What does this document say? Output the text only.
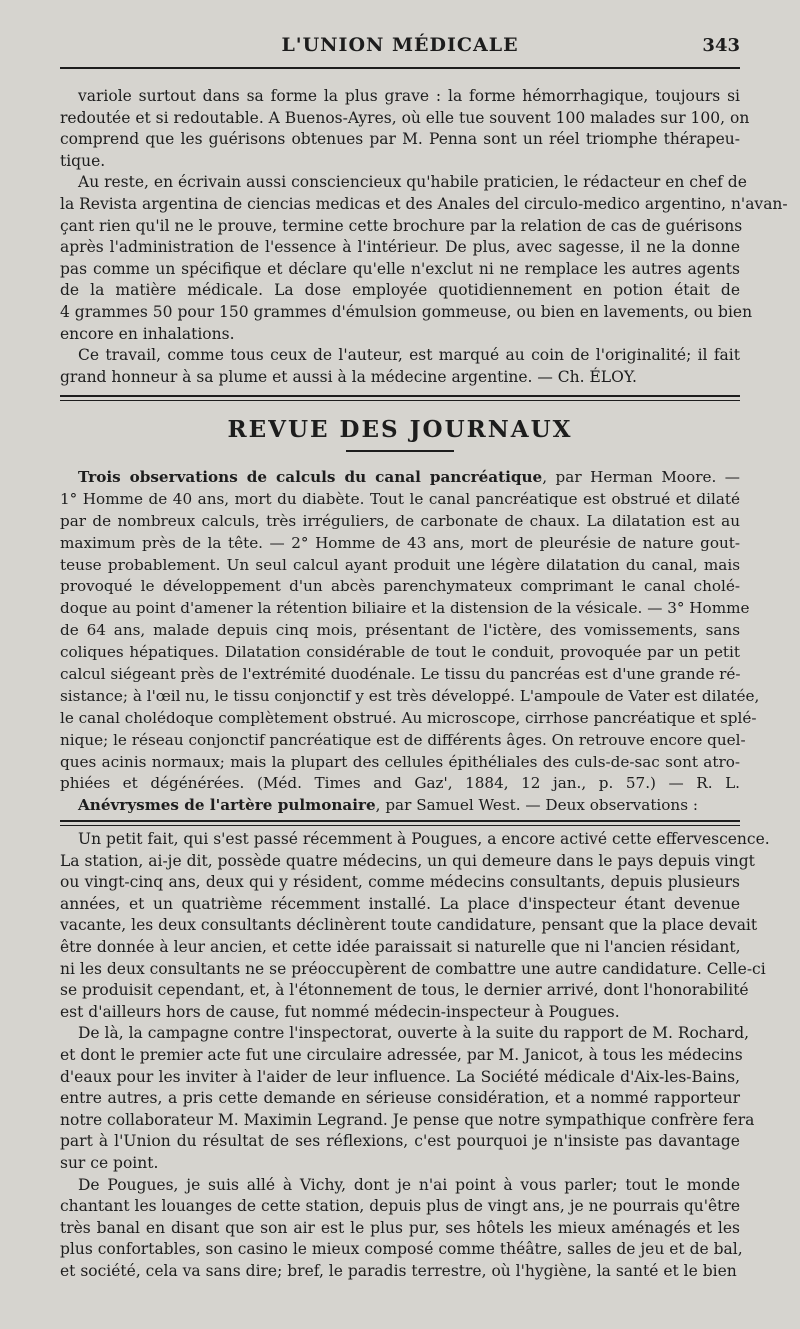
L'UNION MÉDICALE	343
variole surtout dans sa forme la plus grave : la forme hémorrhagique, toujours si
redoutée et si redoutable. A Buenos-Ayres, où elle tue souvent 100 malades sur 100, on
comprend que les guérisons obtenues par M. Penna sont un réel triomphe thérapeu-
tique.
Au reste, en écrivain aussi consciencieux qu'habile praticien, le rédacteur en chef de
la Revista argentina de ciencias medicas et des Anales del circulo-medico argentino, n'avan-
çant rien qu'il ne le prouve, termine cette brochure par la relation de cas de guérisons
après l'administration de l'essence à l'intérieur. De plus, avec sagesse, il ne la donne
pas comme un spécifique et déclare qu'elle n'exclut ni ne remplace les autres agents
de la matière médicale. La dose employée quotidiennement en potion était de
4 grammes 50 pour 150 grammes d'émulsion gommeuse, ou bien en lavements, ou bien
encore en inhalations.
Ce travail, comme tous ceux de l'auteur, est marqué au coin de l'originalité; il fait
grand honneur à sa plume et aussi à la médecine argentine. — Ch. ÉLOY.
REVUE DES JOURNAUX
Trois observations de calculs du canal pancréatique, par Herman Moore. —
1° Homme de 40 ans, mort du diabète. Tout le canal pancréatique est obstrué et dilaté
par de nombreux calculs, très irréguliers, de carbonate de chaux. La dilatation est au
maximum près de la tête. — 2° Homme de 43 ans, mort de pleurésie de nature gout-
teuse probablement. Un seul calcul ayant produit une légère dilatation du canal, mais
provoqué le développement d'un abcès parenchymateux comprimant le canal cholé-
doque au point d'amener la rétention biliaire et la distension de la vésicale. — 3° Homme
de 64 ans, malade depuis cinq mois, présentant de l'ictère, des vomissements, sans
coliques hépatiques. Dilatation considérable de tout le conduit, provoquée par un petit
calcul siégeant près de l'extrémité duodénale. Le tissu du pancréas est d'une grande ré-
sistance; à l'œil nu, le tissu conjonctif y est très développé. L'ampoule de Vater est dilatée,
le canal cholédoque complètement obstrué. Au microscope, cirrhose pancréatique et splé-
nique; le réseau conjonctif pancréatique est de différents âges. On retrouve encore quel-
ques acinis normaux; mais la plupart des cellules épithéliales des culs-de-sac sont atro-
phiées et dégénérées. (Méd. Times and Gaz', 1884, 12 jan., p. 57.) — R. L.
Anévrysmes de l'artère pulmonaire, par Samuel West. — Deux observations :
Un petit fait, qui s'est passé récemment à Pougues, a encore activé cette effervescence.
La station, ai-je dit, possède quatre médecins, un qui demeure dans le pays depuis vingt
ou vingt-cinq ans, deux qui y résident, comme médecins consultants, depuis plusieurs
années, et un quatrième récemment installé. La place d'inspecteur étant devenue
vacante, les deux consultants déclinèrent toute candidature, pensant que la place devait
être donnée à leur ancien, et cette idée paraissait si naturelle que ni l'ancien résidant,
ni les deux consultants ne se préoccupèrent de combattre une autre candidature. Celle-ci
se produisit cependant, et, à l'étonnement de tous, le dernier arrivé, dont l'honorabilité
est d'ailleurs hors de cause, fut nommé médecin-inspecteur à Pougues.
De là, la campagne contre l'inspectorat, ouverte à la suite du rapport de M. Rochard,
et dont le premier acte fut une circulaire adressée, par M. Janicot, à tous les médecins
d'eaux pour les inviter à l'aider de leur influence. La Société médicale d'Aix-les-Bains,
entre autres, a pris cette demande en sérieuse considération, et a nommé rapporteur
notre collaborateur M. Maximin Legrand. Je pense que notre sympathique confrère fera
part à l'Union du résultat de ses réflexions, c'est pourquoi je n'insiste pas davantage
sur ce point.
De Pougues, je suis allé à Vichy, dont je n'ai point à vous parler; tout le monde
chantant les louanges de cette station, depuis plus de vingt ans, je ne pourrais qu'être
très banal en disant que son air est le plus pur, ses hôtels les mieux aménagés et les
plus confortables, son casino le mieux composé comme théâtre, salles de jeu et de bal,
et société, cela va sans dire; bref, le paradis terrestre, où l'hygiène, la santé et le bien
